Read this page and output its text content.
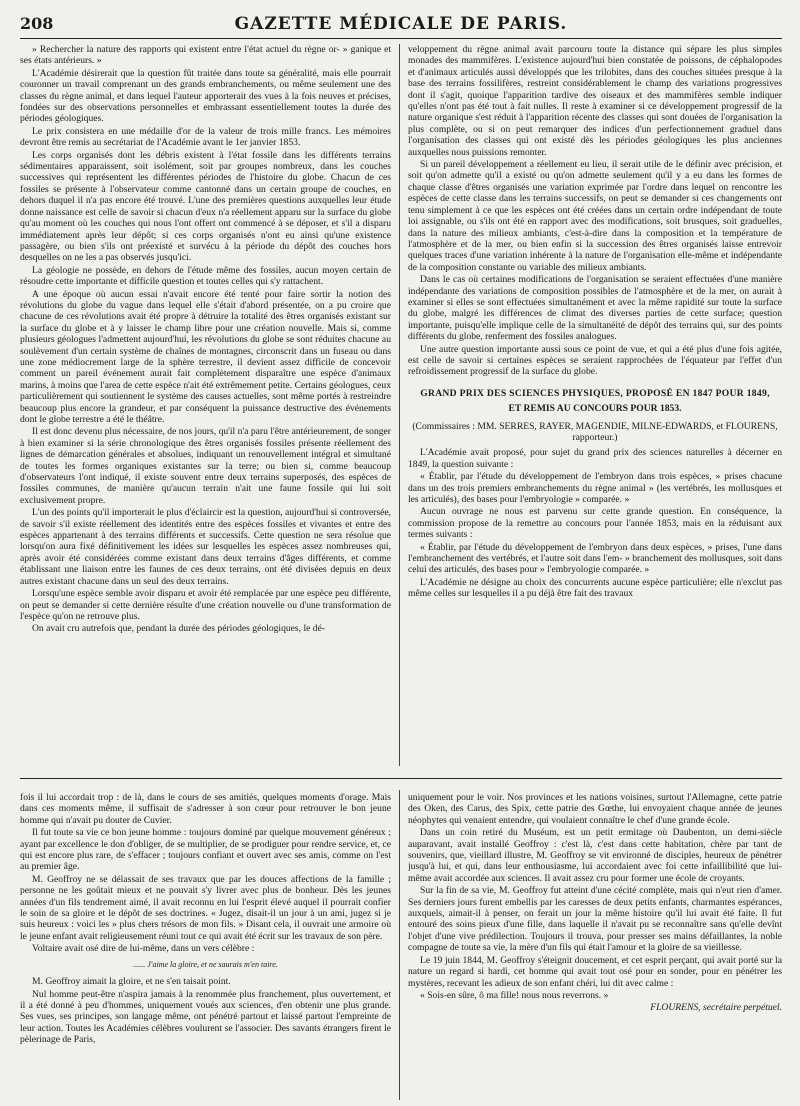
208	GAZETTE MÉDICALE DE PARIS.

» Rechercher la nature des rapports qui existent entre l'état actuel du règne or- » ganique et ses états antérieurs. »

L'Académie désirerait que la question fût traitée dans toute sa généralité, mais elle pourrait couronner un travail comprenant un des grands embranchements, ou même seulement une des classes du règne animal, et dans lequel l'auteur apporterait des vues à la fois neuves et précises, fondées sur des observations personnelles et embrassant essentiellement toutes la durée des périodes géologiques.

Le prix consistera en une médaille d'or de la valeur de trois mille francs. Les mémoires devront être remis au secrétariat de l'Académie avant le 1er janvier 1853.

Les corps organisés dont les débris existent à l'état fossile dans les différents terrains sédimentaires apparaissent, soit isolément, soit par groupes nombreux, dans les couches successives qui représentent les différentes périodes de l'histoire du globe. Chacun de ces fossiles se présente à l'observateur comme cantonné dans un certain groupe de couches, en dehors duquel il n'a pas encore été trouvé. L'une des premières questions auxquelles leur étude donne naissance est celle de savoir si chacun d'eux n'a réellement apparu sur la surface du globe qu'au moment où les couches qui nous l'ont offert ont commencé à se déposer, et s'il a disparu immédiatement après leur dépôt; si ces corps organisés n'ont eu ainsi qu'une existence passagère, ou bien s'ils ont préexisté et survécu à la période du dépôt des couches hors desquelles on ne les a pas observés jusqu'ici.

La géologie ne possède, en dehors de l'étude même des fossiles, aucun moyen certain de résoudre cette importante et difficile question et toutes celles qui s'y rattachent.

A une époque où aucun essai n'avait encore été tenté pour faire sortir la notion des révolutions du globe du vague dans lequel elle s'était d'abord présentée, on a pu croire que chacune de ces révolutions avait été propre à détruire la totalité des êtres organisés existant sur la surface du globe et à y laisser le champ libre pour une création nouvelle. Mais si, comme plusieurs géologues l'admettent aujourd'hui, les révolutions du globe se sont réduites chacune au soulèvement d'un certain système de chaînes de montagnes, circonscrit dans un fuseau ou dans une zone médiocrement large de la sphère terrestre, il devient assez difficile de concevoir comment un pareil événement aurait fait complètement disparaître une espèce d'animaux marins, à moins que l'area de cette espèce n'ait été extrêmement petite. Certains géologues, ceux particulièrement qui soutiennent le système des causes actuelles, sont même portés à restreindre beaucoup plus encore la grandeur, et par conséquent la puissance destructive des événements dont le globe terrestre a été le théâtre.

Il est donc devenu plus nécessaire, de nos jours, qu'il n'a paru l'être antérieurement, de songer à bien examiner si la série chronologique des êtres organisés fossiles présente réellement des lignes de démarcation générales et absolues, indiquant un renouvellement intégral et simultané de toutes les formes organiques existantes sur la terre; ou bien si, comme beaucoup d'observateurs l'ont indiqué, il existe souvent entre deux terrains superposés, des espèces de fossiles communes, de manière qu'aucun terrain n'ait une faune fossile qui lui soit exclusivement propre.

L'un des points qu'il importerait le plus d'éclaircir est la question, aujourd'hui si controversée, de savoir s'il existe réellement des identités entre des espèces fossiles et vivantes et entre des espèces appartenant à des terrains différents et successifs. Cette question ne sera résolue que lorsqu'on aura fixé définitivement les idées sur lesquelles les espèces assez nombreuses qui, après avoir été considérées comme existant dans deux terrains d'âges différents, et comme établissant une liaison entre les faunes de ces deux terrains, ont été divisées depuis en deux autres existant chacune dans un seul des deux terrains.

Lorsqu'une espèce semble avoir disparu et avoir été remplacée par une espèce peu différente, on peut se demander si cette dernière résulte d'une création nouvelle ou d'une transformation de l'espèce qu'on ne retrouve plus.

On avait cru autrefois que, pendant la durée des périodes géologiques, le dé-

veloppement du règne animal avait parcouru toute la distance qui sépare les plus simples monades des mammifères. L'existence aujourd'hui bien constatée de poissons, de céphalopodes et d'animaux articulés aussi développés que les trilobites, dans des couches situées presque à la base des terrains fossilifères, restreint considérablement le champ des variations progressives dont il s'agit, quoique l'apparition tardive des oiseaux et des mammifères semble indiquer qu'elles n'ont pas été tout à fait nulles. Il reste à examiner si ce développement progressif de la nature organique s'est réduit à l'apparition récente des classes qui sont douées de l'organisation la plus complète, ou si on peut remarquer des indices d'un perfectionnement graduel dans l'organisation des classes qui ont existé dès les périodes géologiques les plus anciennes auxquelles nous puissions remonter.

Si un pareil développement a réellement eu lieu, il serait utile de le définir avec précision, et soit qu'on admette qu'il a existé ou qu'on admette seulement qu'il y a eu dans les formes de chaque classe d'êtres organisés une variation exprimée par l'ordre dans lequel on rencontre les espèces de cette classe dans les terrains successifs, on peut se demander si ces changements ont tenu simplement à ce que les espèces ont été créées dans un certain ordre indépendant de toute loi assignable, ou s'ils ont été en rapport avec des modifications, soit brusques, soit graduelles, dans la nature des milieux ambiants, c'est-à-dire dans la composition et la température de l'atmosphère et de la mer, ou bien enfin si la succession des êtres organisés laisse entrevoir quelques traces d'une variation inhérente à la nature de l'organisation elle-même et indépendante de la composition constante ou variable des milieux ambiants.

Dans le cas où certaines modifications de l'organisation se seraient effectuées d'une manière indépendante des variations de composition possibles de l'atmosphère et de la mer, on aurait à examiner si elles se sont effectuées simultanément et avec la même rapidité sur toute la surface du globe, malgré les différences de climat des diverses parties de cette surface; question importante, puisqu'elle implique celle de la simultanéité de dépôt des terrains qui, sur des points différents du globe, renferment des fossiles analogues.

Une autre question importante aussi sous ce point de vue, et qui a été plus d'une fois agitée, est celle de savoir si certaines espèces se seraient rapprochées de l'équateur par l'effet d'un refroidissement progressif de la surface du globe.

GRAND PRIX DES SCIENCES PHYSIQUES, PROPOSÉ EN 1847 POUR 1849,
ET REMIS AU CONCOURS POUR 1853.
(Commissaires : MM. SERRES, RAYER, MAGENDIE, MILNE-EDWARDS, et FLOURENS, rapporteur.)

L'Académie avait proposé, pour sujet du grand prix des sciences naturelles à décerner en 1849, la question suivante :

« Établir, par l'étude du développement de l'embryon dans trois espèces, » prises chacune dans un des trois premiers embranchements du règne animal » (les vertébrés, les mollusques et les articulés), des bases pour l'embryologie » comparée. »

Aucun ouvrage ne nous est parvenu sur cette grande question. En conséquence, la commission propose de la remettre au concours pour l'année 1853, mais en la réduisant aux termes suivants :

« Établir, par l'étude du développement de l'embryon dans deux espèces, » prises, l'une dans l'embranchement des vertébrés, et l'autre soit dans l'em- » branchement des mollusques, soit dans celui des articulés, des bases pour » l'embryologie comparée. »

L'Académie ne désigne au choix des concurrents aucune espèce particulière; elle n'exclut pas même celles sur lesquelles il a pu déjà être fait des travaux

fois il lui accordait trop : de là, dans le cours de ses amitiés, quelques moments d'orage. Mais dans ces moments même, il suffisait de s'adresser à son cœur pour retrouver le bon jeune homme qui n'avait pu douter de Cuvier.

Il fut toute sa vie ce bon jeune homme : toujours dominé par quelque mouvement généreux ; ayant par excellence le don d'obliger, de se multiplier, de se prodiguer pour rendre service, et, ce qui est encore plus rare, de s'effacer ; toujours confiant et ouvert avec ses amis, comme on l'est au premier âge.

M. Geoffroy ne se délassait de ses travaux que par les douces affections de la famille ; personne ne les goûtait mieux et ne pouvait s'y livrer avec plus de bonheur. Dès les jeunes années d'un fils tendrement aimé, il avait reconnu en lui l'esprit élevé auquel il pourrait confier le soin de sa gloire et le dépôt de ses doctrines. « Jugez, disait-il un jour à un ami, jugez si je suis heureux : voici les » plus chers trésors de mon fils. » Disant cela, il ouvrait une armoire où le jeune enfant avait religieusement réuni tout ce qui avait été écrit sur les travaux de son père.

Voltaire avait osé dire de lui-même, dans un vers célèbre :

...... J'aime la gloire, et ne saurais m'en taire.

M. Geoffroy aimait la gloire, et ne s'en taisait point.

Nul homme peut-être n'aspira jamais à la renommée plus franchement, plus ouvertement, et il a été donné à peu d'hommes, uniquement voués aux sciences, d'en obtenir une plus grande. Ses vues, ses principes, son langage même, ont pénétré partout et laissé partout l'empreinte de leur action. Toutes les Académies célèbres voulurent se l'associer. Des savants étrangers firent le pèlerinage de Paris,

uniquement pour le voir. Nos provinces et les nations voisines, surtout l'Allemagne, cette patrie des Oken, des Carus, des Spix, cette patrie des Gœthe, lui envoyaient chaque année de jeunes néophytes qui venaient entendre, qui voulaient connaître le chef d'une grande école.

Dans un coin retiré du Muséum, est un petit ermitage où Daubenton, un demi-siècle auparavant, avait installé Geoffroy : c'est là, c'est dans cette habitation, chère par tant de souvenirs, que, vieillard illustre, M. Geoffroy se vit environné de disciples, heureux de pénétrer jusqu'à lui, et qui, dans leur enthousiasme, lui accordaient avec foi cette infaillibilité que lui-même avait accordée aux sciences. Il avait assez cru pour former une école de croyants.

Sur la fin de sa vie, M. Geoffroy fut atteint d'une cécité complète, mais qui n'eut rien d'amer. Ses derniers jours furent embellis par les caresses de deux petits enfants, charmantes espérances, auxquels, aimait-il à penser, on ferait un jour la même histoire qu'il lui avait été faite. Il fut entouré des soins pieux d'une fille, dans laquelle il n'avait pu se reconnaître sans qu'elle devînt l'objet d'une vive prédilection. Toujours il trouva, pour presser ses mains défaillantes, la noble compagne de toute sa vie, la mère d'un fils qui était l'amour et la gloire de sa vieillesse.

Le 19 juin 1844, M. Geoffroy s'éteignit doucement, et cet esprit perçant, qui avait porté sur la nature un regard si hardi, cet homme qui avait tout osé pour en sonder, pour en pénétrer les mystères, recevant les adieux de son enfant chéri, lui dit avec calme :

« Sois-en sûre, ô ma fille! nous nous reverrons. »

FLOURENS, secrétaire perpétuel.
